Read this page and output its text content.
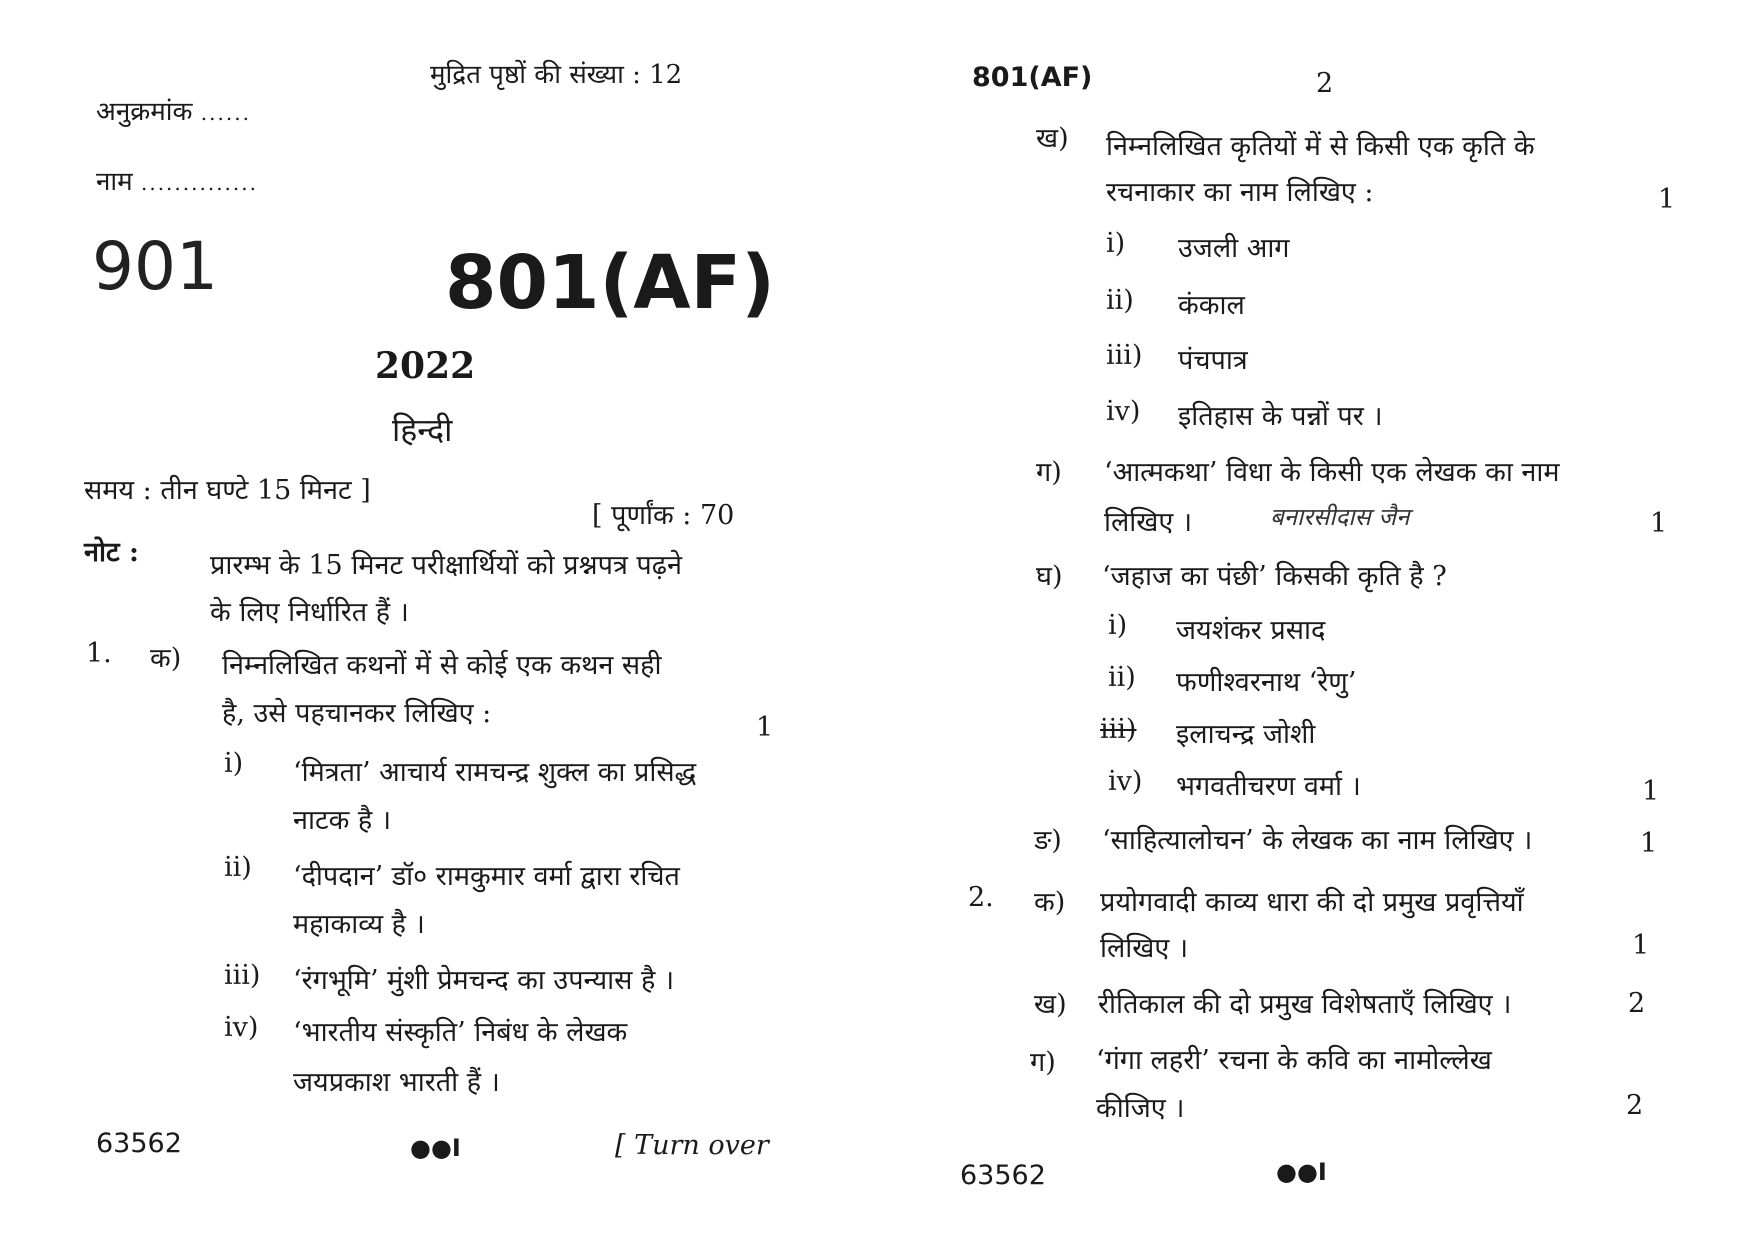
मुद्रित पृष्ठों की संख्या : 12
अनुक्रमांक ......
नाम ..............
901	801(AF)
2022
हिन्दी
समय : तीन घण्टे 15 मिनट ]
[ पूर्णांक : 70
नोट :	प्रारम्भ के 15 मिनट परीक्षार्थियों को प्रश्नपत्र पढ़ने
के लिए निर्धारित हैं ।
1. क) निम्नलिखित कथनों में से कोई एक कथन सही
है, उसे पहचानकर लिखिए :	1
i) ‘मित्रता’ आचार्य रामचन्द्र शुक्ल का प्रसिद्ध
नाटक है ।
ii) ‘दीपदान’ डॉ० रामकुमार वर्मा द्वारा रचित
महाकाव्य है ।
iii) ‘रंगभूमि’ मुंशी प्रेमचन्द का उपन्यास है ।
iv) ‘भारतीय संस्कृति’ निबंध के लेखक
जयप्रकाश भारती हैं ।
63562	●●I	[ Turn over
801(AF)	2
ख) निम्नलिखित कृतियों में से किसी एक कृति के
रचनाकार का नाम लिखिए :	1
i) उजली आग
ii) कंकाल
iii) पंचपात्र
iv) इतिहास के पन्नों पर ।
ग) ‘आत्मकथा’ विधा के किसी एक लेखक का नाम
लिखिए ।	बनारसीदास जैन	1
घ) ‘जहाज का पंछी’ किसकी कृति है ?
i) जयशंकर प्रसाद
ii) फणीश्वरनाथ ‘रेणु’
iii) इलाचन्द्र जोशी
iv) भगवतीचरण वर्मा ।	1
ङ) ‘साहित्यालोचन’ के लेखक का नाम लिखिए ।	1
2. क) प्रयोगवादी काव्य धारा की दो प्रमुख प्रवृत्तियाँ
लिखिए ।	1
ख) रीतिकाल की दो प्रमुख विशेषताएँ लिखिए ।	2
ग) ‘गंगा लहरी’ रचना के कवि का नामोल्लेख
कीजिए ।	2
63562	●●I
